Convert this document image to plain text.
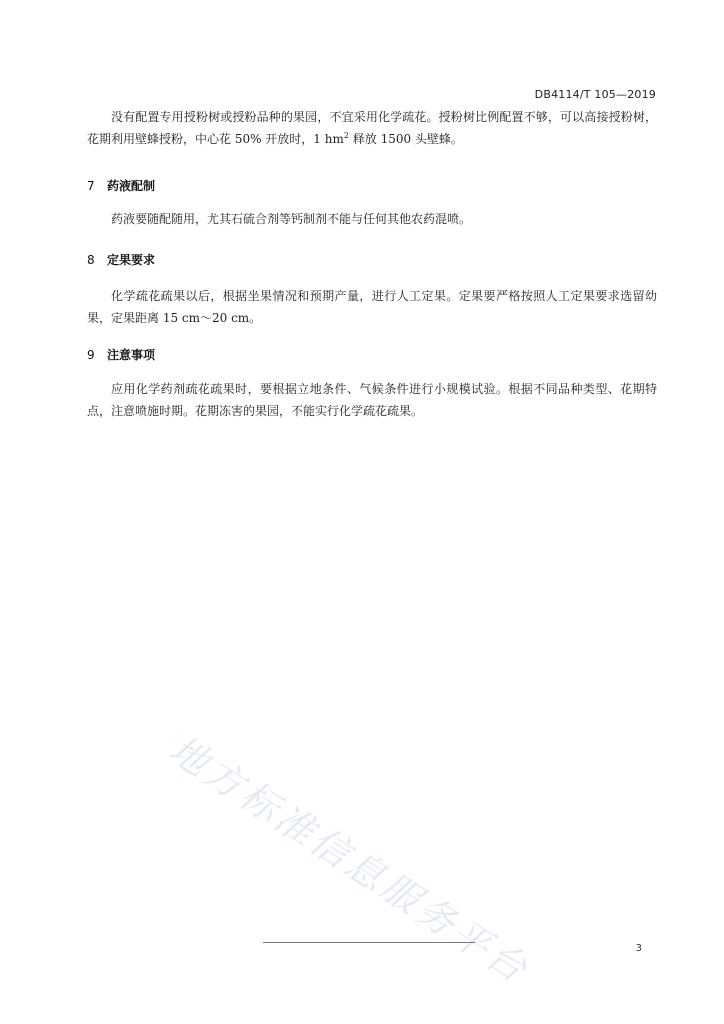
DB4114/T 105—2019

没有配置专用授粉树或授粉品种的果园，不宜采用化学疏花。授粉树比例配置不够，可以高接授粉树，花期利用壁蜂授粉，中心花 50% 开放时，1 $hm^2$ 释放 1500 头壁蜂。

7 药液配制

药液要随配随用，尤其石硫合剂等钙制剂不能与任何其他农药混喷。

8 定果要求

化学疏花疏果以后，根据坐果情况和预期产量，进行人工定果。定果要严格按照人工定果要求选留幼果，定果距离 15 cm～20 cm。

9 注意事项

应用化学药剂疏花疏果时，要根据立地条件、气候条件进行小规模试验。根据不同品种类型、花期特点，注意喷施时期。花期冻害的果园，不能实行化学疏花疏果。

地方标准信息服务平台	3
